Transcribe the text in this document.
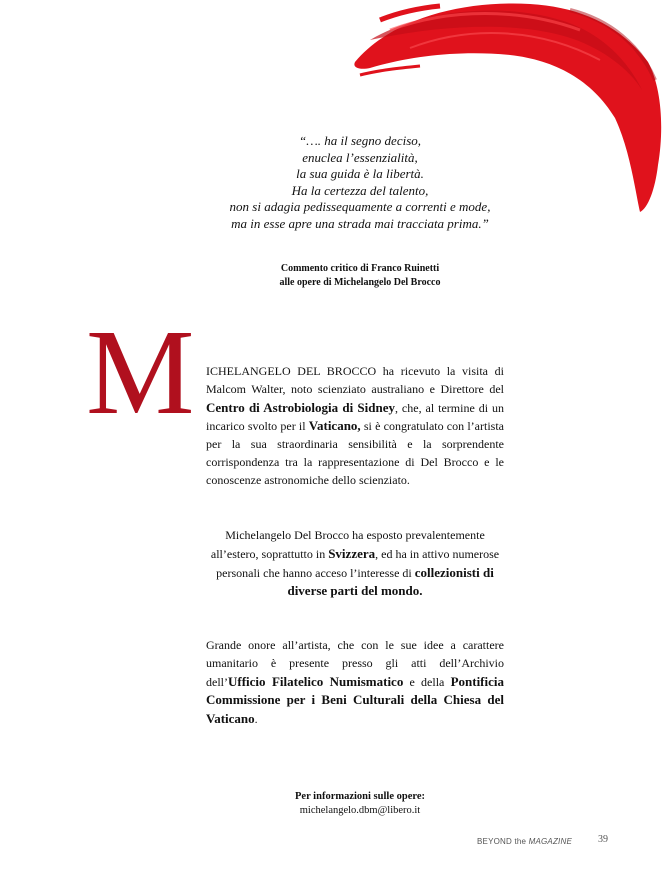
“…. ha il segno deciso,
enuclea l’essenzialità,
la sua guida è la libertà.
Ha la certezza del talento,
non si adagia pedissequamente a correnti e mode,
ma in esse apre una strada mai tracciata prima.”
Commento critico di Franco Ruinetti
alle opere di Michelangelo Del Brocco
M ICHELANGELO DEL BROCCO ha ricevuto la visita di Malcom Walter, noto scienziato australiano e Direttore del Centro di Astrobiologia di Sidney, che, al termine di un incarico svolto per il Vaticano, si è congratulato con l’artista per la sua straordinaria sensibilità e la sorprendente corrispondenza tra la rappresentazione di Del Brocco e le conoscenze astronomiche dello scienziato.
Michelangelo Del Brocco ha esposto prevalentemente all’estero, soprattutto in Svizzera, ed ha in attivo numerose personali che hanno acceso l’interesse di collezionisti di diverse parti del mondo.
Grande onore all’artista, che con le sue idee a carattere umanitario è presente presso gli atti dell’Archivio dell’Ufficio Filatelico Numismatico e della Pontificia Commissione per i Beni Culturali della Chiesa del Vaticano.
Per informazioni sulle opere:
michelangelo.dbm@libero.it
BEYOND the MAGAZINE	39
